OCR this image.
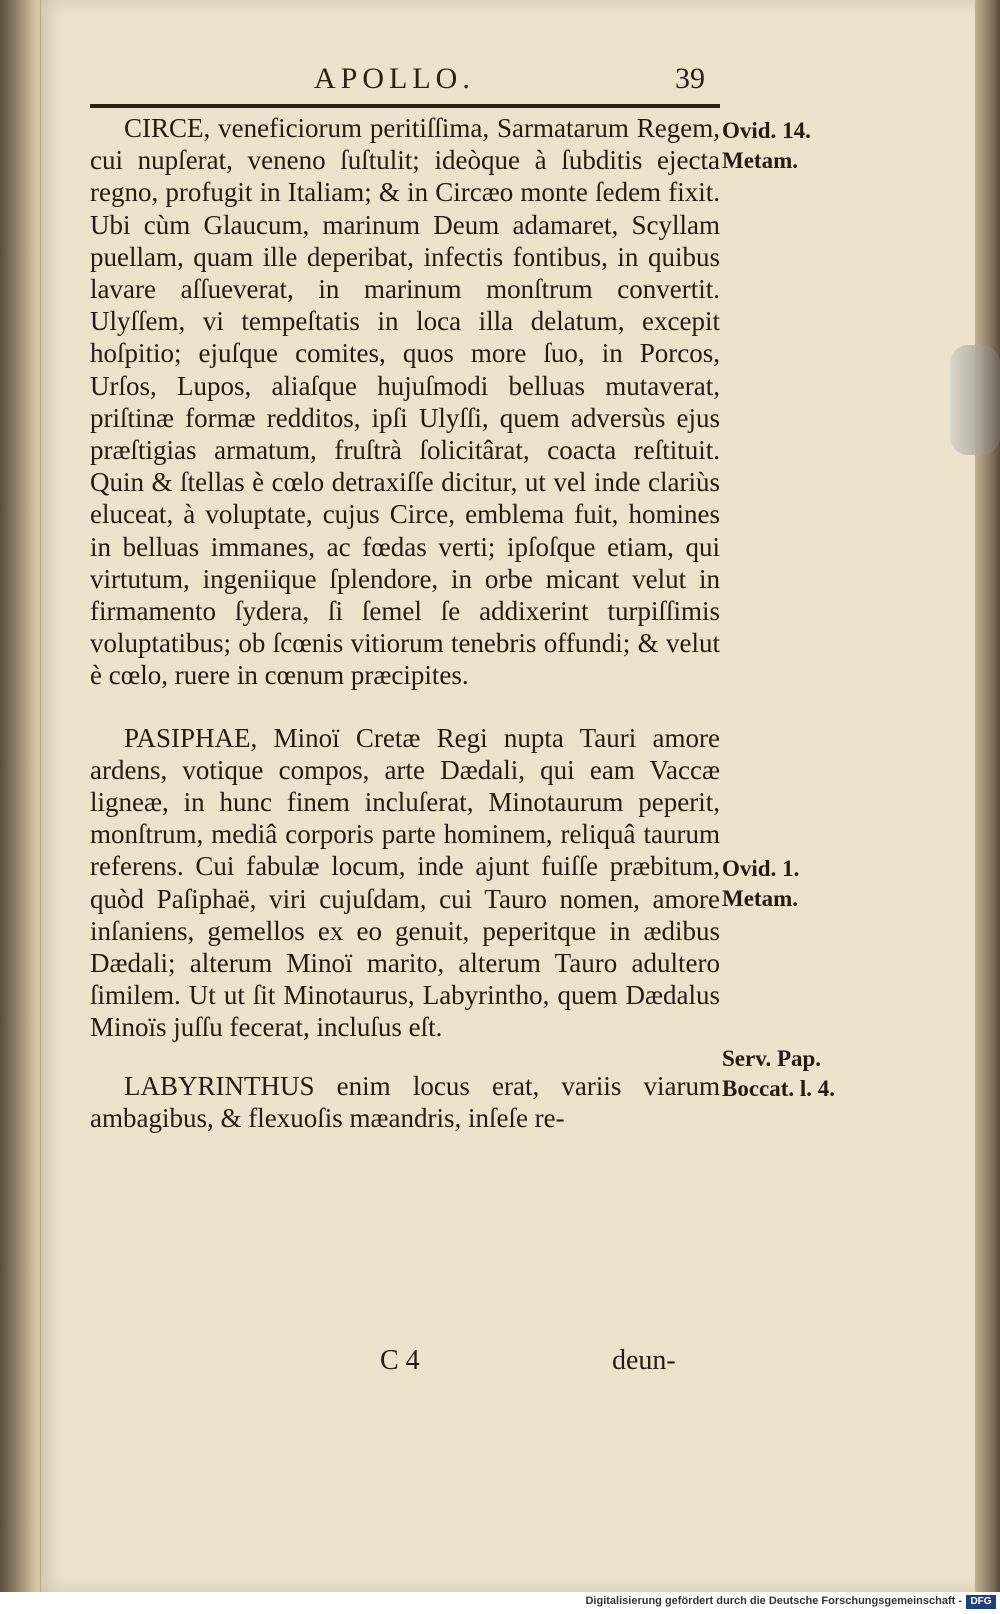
APOLLO.	39

CIRCE, veneficiorum peritiſſima, Sarmatarum Regem, cui nupſerat, veneno ſuſtulit; ideòque à ſubditis ejecta regno, profugit in Italiam; & in Circæo monte ſedem fixit. Ubi cùm Glaucum, marinum Deum adamaret, Scyllam puellam, quam ille deperibat, infectis fontibus, in quibus lavare aſſueverat, in marinum monſtrum convertit. Ulyſſem, vi tempeſtatis in loca illa delatum, excepit hoſpitio; ejuſque comites, quos more ſuo, in Porcos, Urſos, Lupos, aliaſque hujuſmodi belluas mutaverat, priſtinæ formæ redditos, ipſi Ulyſſi, quem adversùs ejus præſtigias armatum, fruſtrà ſolicitârat, coacta reſtituit. Quin & ſtellas è cœlo detraxiſſe dicitur, ut vel inde clariùs eluceat, à voluptate, cujus Circe, emblema fuit, homines in belluas immanes, ac fœdas verti; ipſoſque etiam, qui virtutum, ingeniique ſplendore, in orbe micant velut in firmamento ſydera, ſi ſemel ſe addixerint turpiſſimis voluptatibus; ob ſcœnis vitiorum tenebris offundi; & velut è cœlo, ruere in cœnum præcipites.

PASIPHAE, Minoï Cretæ Regi nupta Tauri amore ardens, votique compos, arte Dædali, qui eam Vaccæ ligneæ, in hunc finem incluſerat, Minotaurum peperit, monſtrum, mediâ corporis parte hominem, reliquâ taurum referens. Cui fabulæ locum, inde ajunt fuiſſe præbitum, quòd Paſiphaë, viri cujuſdam, cui Tauro nomen, amore inſaniens, gemellos ex eo genuit, peperitque in ædibus Dædali; alterum Minoï marito, alterum Tauro adultero ſimilem. Ut ut ſit Minotaurus, Labyrintho, quem Dædalus Minoïs juſſu fecerat, incluſus eſt.

LABYRINTHUS enim locus erat, variis viarum ambagibus, & flexuoſis mæandris, inſeſe re-

Ovid. 14.
Metam.
Ovid. 1.
Metam.
Serv. Pap.
Boccat. l. 4.
C 4	deun-
Digitalisierung gefördert durch die Deutsche Forschungsgemeinschaft - DFG
